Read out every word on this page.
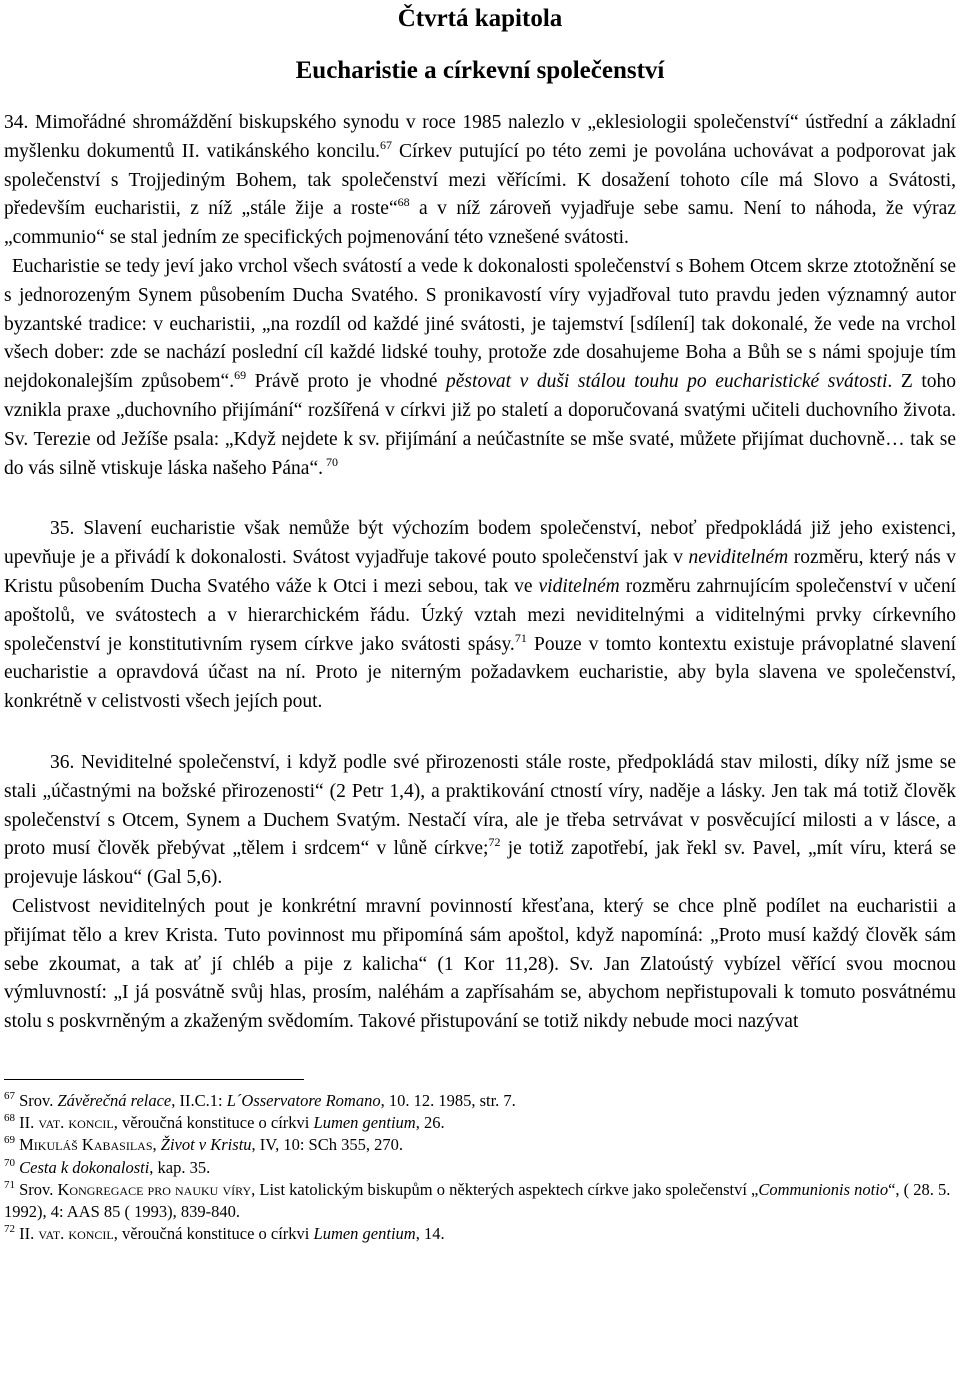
Čtvrtá kapitola
Eucharistie a církevní společenství

34. Mimořádné shromáždění biskupského synodu v roce 1985 nalezlo v „eklesiologii společenství“ ústřední a základní myšlenku dokumentů II. vatikánského koncilu.$^{67}$ Církev putující po této zemi je povolána uchovávat a podporovat jak společenství s Trojjediným Bohem, tak společenství mezi věřícími. K dosažení tohoto cíle má Slovo a Svátosti, především eucharistii, z níž „stále žije a roste“$^{68}$ a v níž zároveň vyjadřuje sebe samu. Není to náhoda, že výraz „communio“ se stal jedním ze specifických pojmenování této vznešené svátosti.

Eucharistie se tedy jeví jako vrchol všech svátostí a vede k dokonalosti společenství s Bohem Otcem skrze ztotožnění se s jednorozeným Synem působením Ducha Svatého. S pronikavostí víry vyjadřoval tuto pravdu jeden významný autor byzantské tradice: v eucharistii, „na rozdíl od každé jiné svátosti, je tajemství [sdílení] tak dokonalé, že vede na vrchol všech dober: zde se nachází poslední cíl každé lidské touhy, protože zde dosahujeme Boha a Bůh se s námi spojuje tím nejdokonalejším způsobem“.$^{69}$ Právě proto je vhodné pěstovat v duši stálou touhu po eucharistické svátosti. Z toho vznikla praxe „duchovního přijímání“ rozšířená v církvi již po staletí a doporučovaná svatými učiteli duchovního života. Sv. Terezie od Ježíše psala: „Když nejdete k sv. přijímání a neúčastníte se mše svaté, můžete přijímat duchovně… tak se do vás silně vtiskuje láska našeho Pána“. $^{70}$

35. Slavení eucharistie však nemůže být výchozím bodem společenství, neboť předpokládá již jeho existenci, upevňuje je a přivádí k dokonalosti. Svátost vyjadřuje takové pouto společenství jak v neviditelném rozměru, který nás v Kristu působením Ducha Svatého váže k Otci i mezi sebou, tak ve viditelném rozměru zahrnujícím společenství v učení apoštolů, ve svátostech a v hierarchickém řádu. Úzký vztah mezi neviditelnými a viditelnými prvky církevního společenství je konstitutivním rysem církve jako svátosti spásy.$^{71}$ Pouze v tomto kontextu existuje právoplatné slavení eucharistie a opravdová účast na ní. Proto je niterným požadavkem eucharistie, aby byla slavena ve společenství, konkrétně v celistvosti všech jejích pout.

36. Neviditelné společenství, i když podle své přirozenosti stále roste, předpokládá stav milosti, díky níž jsme se stali „účastnými na božské přirozenosti“ (2 Petr 1,4), a praktikování ctností víry, naděje a lásky. Jen tak má totiž člověk společenství s Otcem, Synem a Duchem Svatým. Nestačí víra, ale je třeba setrvávat v posvěcující milosti a v lásce, a proto musí člověk přebývat „tělem i srdcem“ v lůně církve;$^{72}$ je totiž zapotřebí, jak řekl sv. Pavel, „mít víru, která se projevuje láskou“ (Gal 5,6).

Celistvost neviditelných pout je konkrétní mravní povinností křesťana, který se chce plně podílet na eucharistii a přijímat tělo a krev Krista. Tuto povinnost mu připomíná sám apoštol, když napomíná: „Proto musí každý člověk sám sebe zkoumat, a tak ať jí chléb a pije z kalicha“ (1 Kor 11,28). Sv. Jan Zlatoústý vybízel věřící svou mocnou výmluvností: „I já posvátně svůj hlas, prosím, naléhám a zapřísahám se, abychom nepřistupovali k tomuto posvátnému stolu s poskvrněným a zkaženým svědomím. Takové přistupování se totiž nikdy nebude moci nazývat

$^{67}$ Srov. Závěrečná relace, II.C.1: L´Osservatore Romano, 10. 12. 1985, str. 7.

$^{68}$ II. vat. koncil, věroučná konstituce o církvi Lumen gentium, 26.

$^{69}$ Mikuláš Kabasilas, Život v Kristu, IV, 10: SCh 355, 270.

$^{70}$ Cesta k dokonalosti, kap. 35.

$^{71}$ Srov. Kongregace pro nauku víry, List katolickým biskupům o některých aspektech církve jako společenství „Communionis notio“, ( 28. 5. 1992), 4: AAS 85 ( 1993), 839-840.

$^{72}$ II. vat. koncil, věroučná konstituce o církvi Lumen gentium, 14.
